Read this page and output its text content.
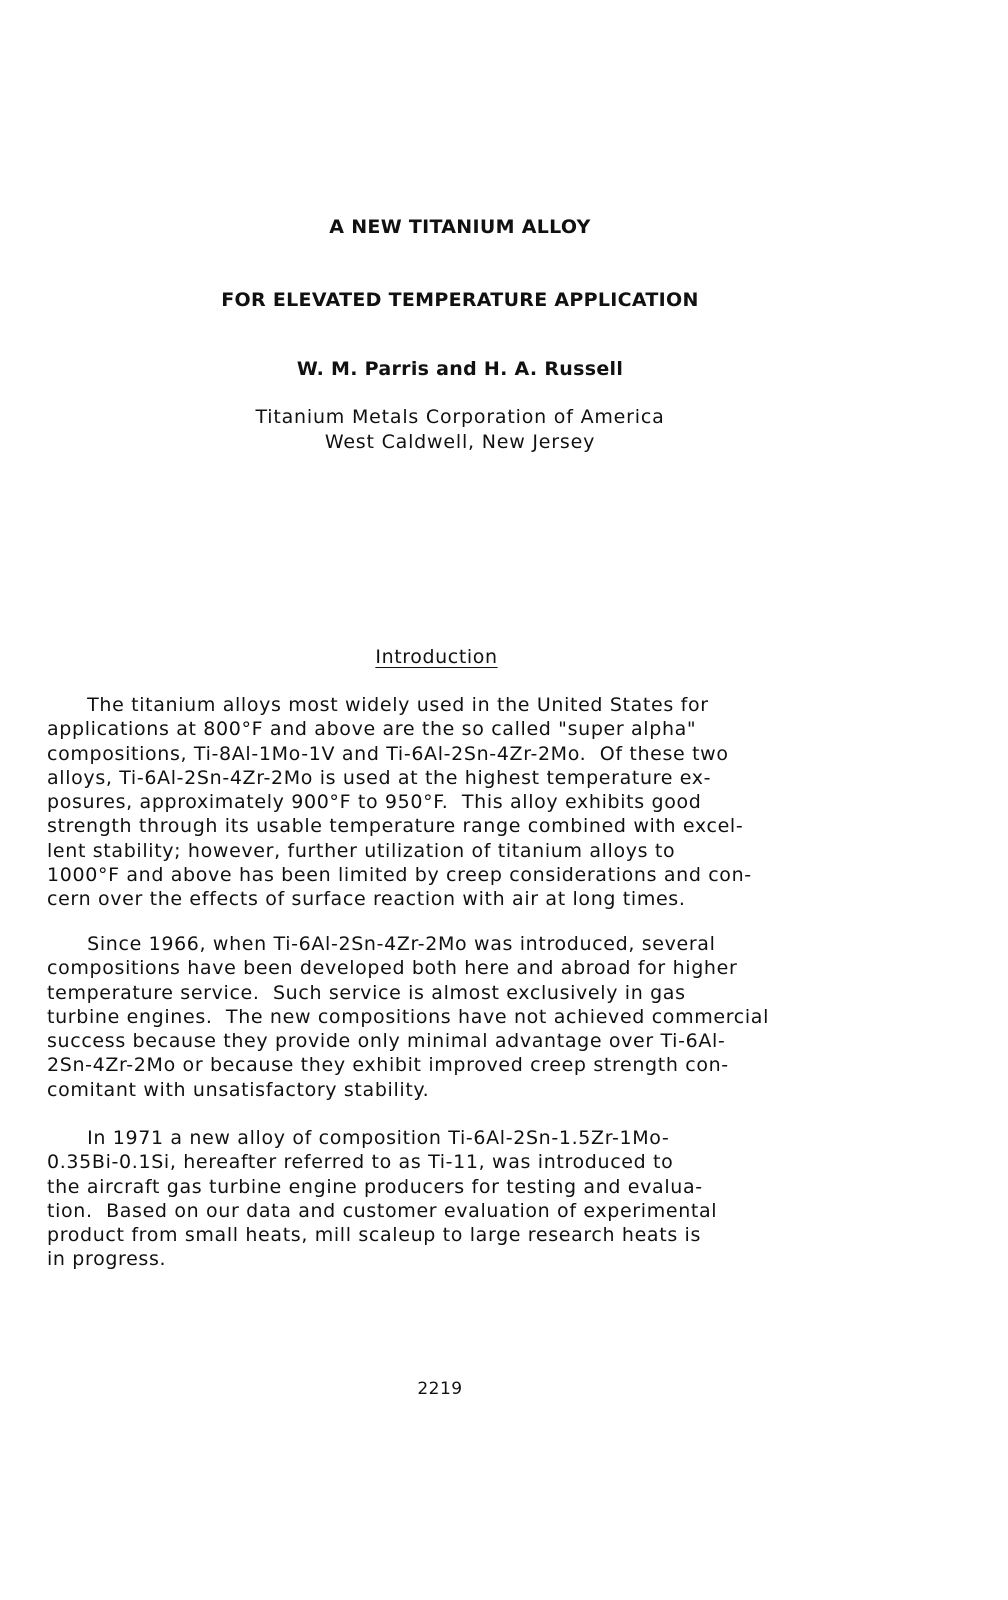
A NEW TITANIUM ALLOY
FOR ELEVATED TEMPERATURE APPLICATION
W. M. Parris and H. A. Russell
Titanium Metals Corporation of America
West Caldwell, New Jersey
Introduction
The titanium alloys most widely used in the United States for
applications at 800°F and above are the so called "super alpha"
compositions, Ti-8Al-1Mo-1V and Ti-6Al-2Sn-4Zr-2Mo.  Of these two
alloys, Ti-6Al-2Sn-4Zr-2Mo is used at the highest temperature ex-
posures, approximately 900°F to 950°F.  This alloy exhibits good
strength through its usable temperature range combined with excel-
lent stability; however, further utilization of titanium alloys to
1000°F and above has been limited by creep considerations and con-
cern over the effects of surface reaction with air at long times.
Since 1966, when Ti-6Al-2Sn-4Zr-2Mo was introduced, several
compositions have been developed both here and abroad for higher
temperature service.  Such service is almost exclusively in gas
turbine engines.  The new compositions have not achieved commercial
success because they provide only minimal advantage over Ti-6Al-
2Sn-4Zr-2Mo or because they exhibit improved creep strength con-
comitant with unsatisfactory stability.
In 1971 a new alloy of composition Ti-6Al-2Sn-1.5Zr-1Mo-
0.35Bi-0.1Si, hereafter referred to as Ti-11, was introduced to
the aircraft gas turbine engine producers for testing and evalua-
tion.  Based on our data and customer evaluation of experimental
product from small heats, mill scaleup to large research heats is
in progress.
2219
